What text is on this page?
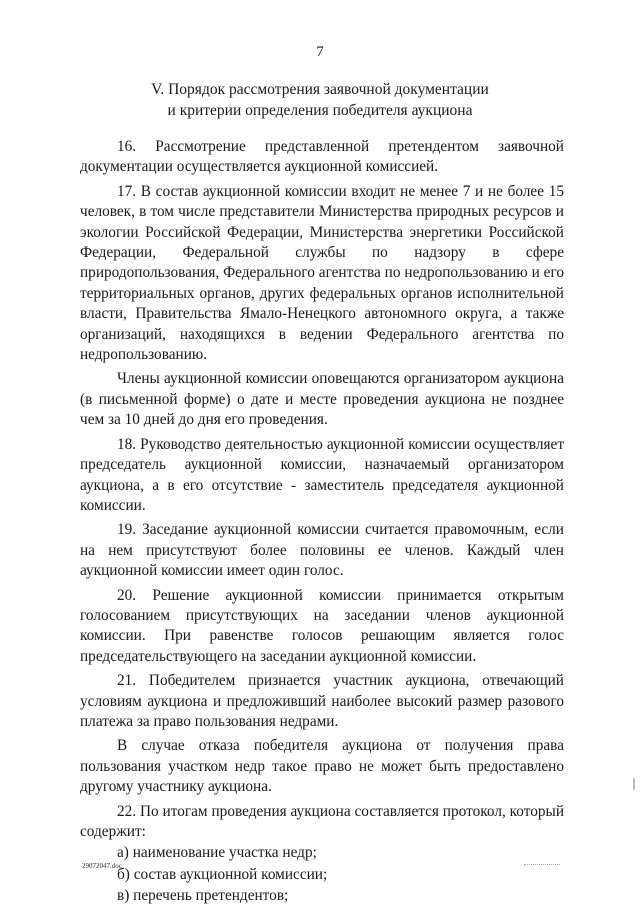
7
V. Порядок рассмотрения заявочной документации
и критерии определения победителя аукциона

16. Рассмотрение представленной претендентом заявочной документации осуществляется аукционной комиссией.

17. В состав аукционной комиссии входит не менее 7 и не более 15 человек, в том числе представители Министерства природных ресурсов и экологии Российской Федерации, Министерства энергетики Российской Федерации, Федеральной службы по надзору в сфере природопользования, Федерального агентства по недропользованию и его территориальных органов, других федеральных органов исполнительной власти, Правительства Ямало-Ненецкого автономного округа, а также организаций, находящихся в ведении Федерального агентства по недропользованию.

Члены аукционной комиссии оповещаются организатором аукциона (в письменной форме) о дате и месте проведения аукциона не позднее чем за 10 дней до дня его проведения.

18. Руководство деятельностью аукционной комиссии осуществляет председатель аукционной комиссии, назначаемый организатором аукциона, а в его отсутствие - заместитель председателя аукционной комиссии.

19. Заседание аукционной комиссии считается правомочным, если на нем присутствуют более половины ее членов. Каждый член аукционной комиссии имеет один голос.

20. Решение аукционной комиссии принимается открытым голосованием присутствующих на заседании членов аукционной комиссии. При равенстве голосов решающим является голос председательствующего на заседании аукционной комиссии.

21. Победителем признается участник аукциона, отвечающий условиям аукциона и предложивший наиболее высокий размер разового платежа за право пользования недрами.

В случае отказа победителя аукциона от получения права пользования участком недр такое право не может быть предоставлено другому участнику аукциона.

22. По итогам проведения аукциона составляется протокол, который содержит:

а) наименование участка недр;

б) состав аукционной комиссии;

в) перечень претендентов;

29072047.doc
